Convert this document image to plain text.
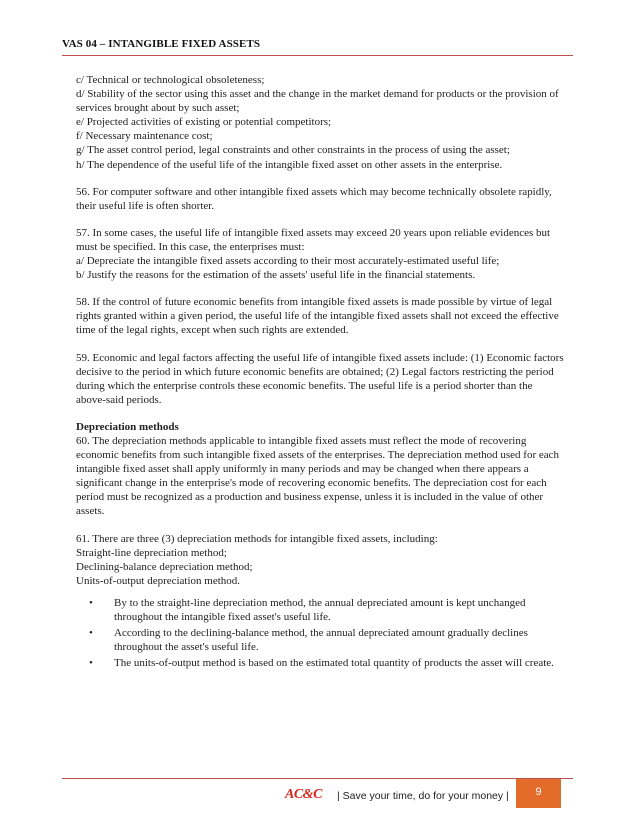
VAS 04 – INTANGIBLE FIXED ASSETS

c/ Technical or technological obsoleteness;

d/ Stability of the sector using this asset and the change in the market demand for products or the provision of services brought about by such asset;

e/ Projected activities of existing or potential competitors;

f/ Necessary maintenance cost;

g/ The asset control period, legal constraints and other constraints in the process of using the asset;

h/ The dependence of the useful life of the intangible fixed asset on other assets in the enterprise.

56. For computer software and other intangible fixed assets which may become technically obsolete rapidly, their useful life is often shorter.

57. In some cases, the useful life of intangible fixed assets may exceed 20 years upon reliable evidences but must be specified. In this case, the enterprises must:

a/ Depreciate the intangible fixed assets according to their most accurately-estimated useful life;

b/ Justify the reasons for the estimation of the assets' useful life in the financial statements.

58. If the control of future economic benefits from intangible fixed assets is made possible by virtue of legal rights granted within a given period, the useful life of the intangible fixed assets shall not exceed the effective time of the legal rights, except when such rights are extended.

59. Economic and legal factors affecting the useful life of intangible fixed assets include: (1) Economic factors decisive to the period in which future economic benefits are obtained; (2) Legal factors restricting the period during which the enterprise controls these economic benefits. The useful life is a period shorter than the above-said periods.

Depreciation methods

60. The depreciation methods applicable to intangible fixed assets must reflect the mode of recovering economic benefits from such intangible fixed assets of the enterprises. The depreciation method used for each intangible fixed asset shall apply uniformly in many periods and may be changed when there appears a significant change in the enterprise's mode of recovering economic benefits. The depreciation cost for each period must be recognized as a production and business expense, unless it is included in the value of other assets.

61. There are three (3) depreciation methods for intangible fixed assets, including:

Straight-line depreciation method;

Declining-balance depreciation method;

Units-of-output depreciation method.

• By to the straight-line depreciation method, the annual depreciated amount is kept unchanged throughout the intangible fixed asset's useful life.
• According to the declining-balance method, the annual depreciated amount gradually declines throughout the asset's useful life.
• The units-of-output method is based on the estimated total quantity of products the asset will create.
AC&C | Save your time, do for your money |	9
